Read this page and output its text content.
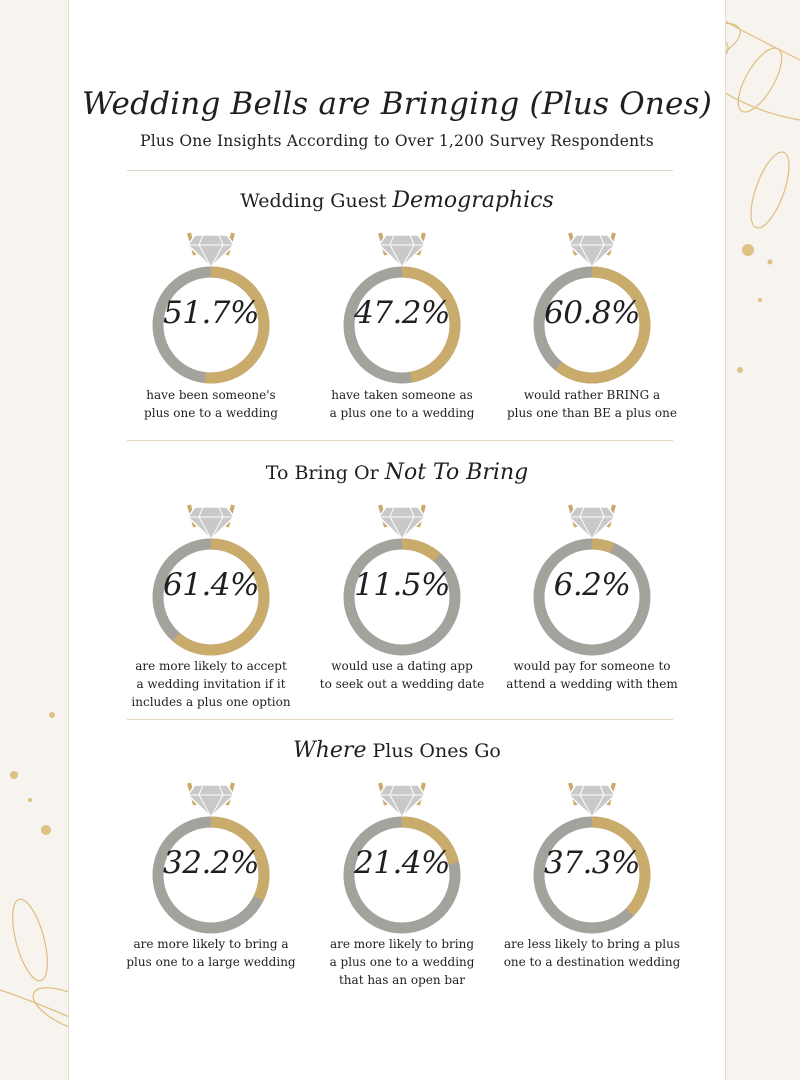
Wedding Bells are Bringing (Plus Ones)
Plus One Insights According to Over 1,200 Survey Respondents
Wedding Guest Demographics
To Bring Or Not To Bring
Where Plus Ones Go
51.7%
have been someone's
plus one to a wedding
47.2%
have taken someone as
a plus one to a wedding
60.8%
would rather BRING a
plus one than BE a plus one
61.4%
are more likely to accept
a wedding invitation if it
includes a plus one option
11.5%
would use a dating app
to seek out a wedding date
6.2%
would pay for someone to
attend a wedding with them
32.2%
are more likely to bring a
plus one to a large wedding
21.4%
are more likely to bring
a plus one to a wedding
that has an open bar
37.3%
are less likely to bring a plus
one to a destination wedding
